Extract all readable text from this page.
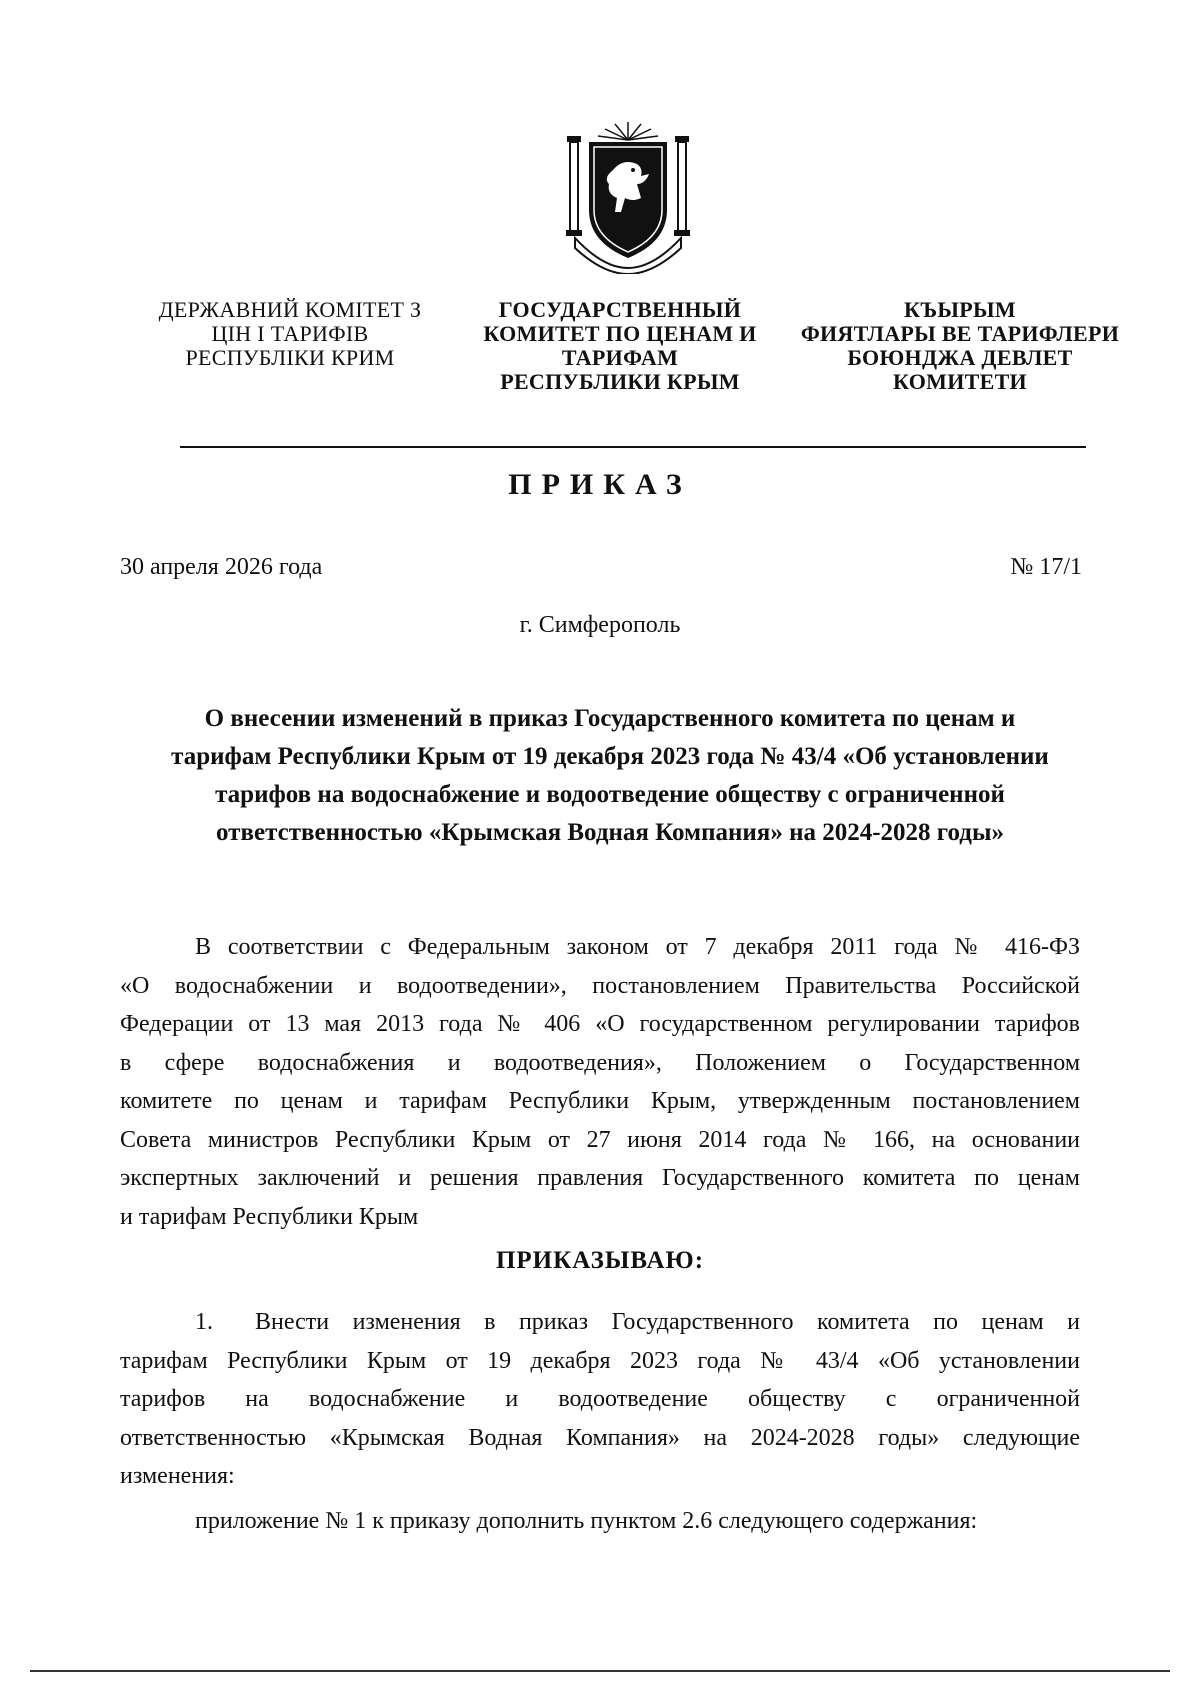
ДЕРЖАВНИЙ КОМІТЕТ З
ЦІН І ТАРИФІВ
РЕСПУБЛІКИ КРИМ
ГОСУДАРСТВЕННЫЙ
КОМИТЕТ ПО ЦЕНАМ И
ТАРИФАМ
РЕСПУБЛИКИ КРЫМ
КЪЫРЫМ
ФИЯТЛАРЫ ВЕ ТАРИФЛЕРИ
БОЮНДЖА ДЕВЛЕТ
КОМИТЕТИ
ПРИКАЗ
30 апреля 2026 года	№ 17/1
г. Симферополь
О внесении изменений в приказ Государственного комитета по ценам и
тарифам Республики Крым от 19 декабря 2023 года № 43/4 «Об установлении
тарифов на водоснабжение и водоотведение обществу с ограниченной
ответственностью «Крымская Водная Компания» на 2024-2028 годы»
В соответствии с Федеральным законом от 7 декабря 2011 года № 416-ФЗ
«О водоснабжении и водоотведении», постановлением Правительства Российской
Федерации от 13 мая 2013 года № 406 «О государственном регулировании тарифов
в сфере водоснабжения и водоотведения», Положением о Государственном
комитете по ценам и тарифам Республики Крым, утвержденным постановлением
Совета министров Республики Крым от 27 июня 2014 года № 166, на основании
экспертных заключений и решения правления Государственного комитета по ценам
и тарифам Республики Крым
ПРИКАЗЫВАЮ:
1. Внести изменения в приказ Государственного комитета по ценам и
тарифам Республики Крым от 19 декабря 2023 года № 43/4 «Об установлении
тарифов на водоснабжение и водоотведение обществу с ограниченной
ответственностью «Крымская Водная Компания» на 2024-2028 годы» следующие
изменения:
приложение № 1 к приказу дополнить пунктом 2.6 следующего содержания:
